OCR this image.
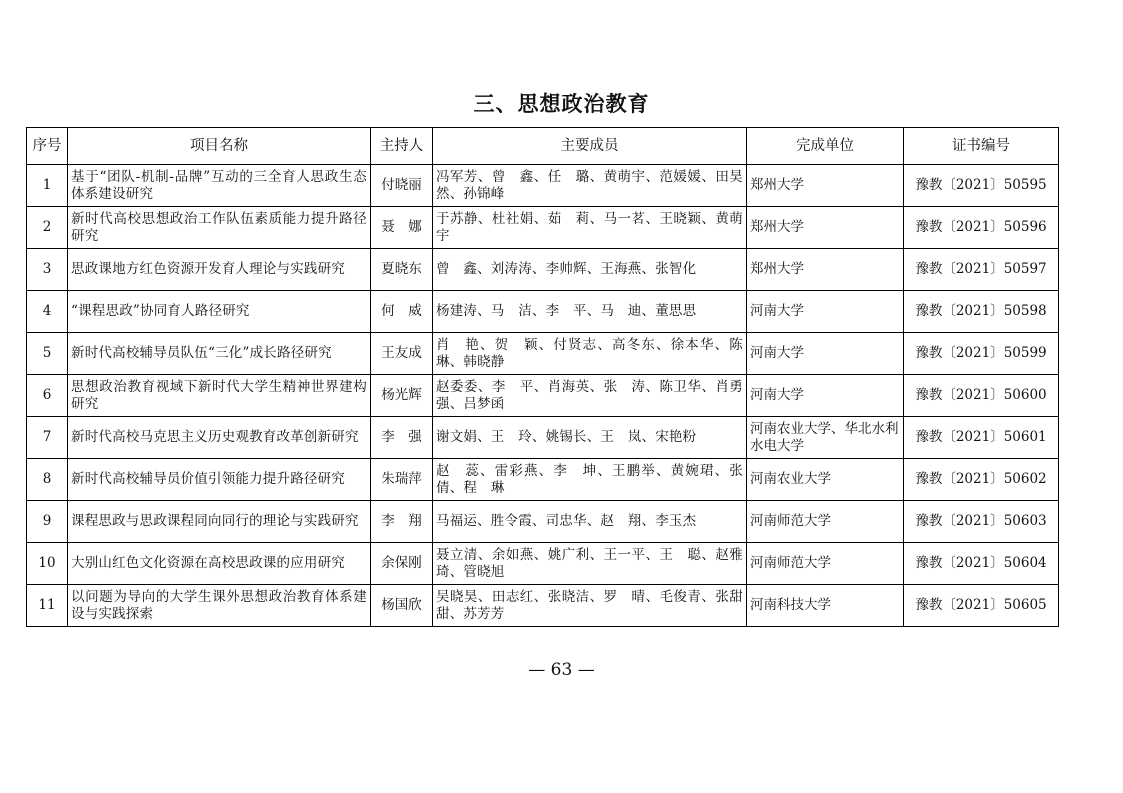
三、思想政治教育
序号	项目名称	主持人	主要成员	完成单位	证书编号
1	基于“团队-机制-品牌”互动的三全育人思政生态体系建设研究	付晓丽	冯军芳、曾　鑫、任　璐、黄萌宇、范媛媛、田昊然、孙锦峰	郑州大学	豫教〔2021〕50595
2	新时代高校思想政治工作队伍素质能力提升路径研究	聂　娜	于苏静、杜社娟、茹　莉、马一茗、王晓颖、黄萌宇	郑州大学	豫教〔2021〕50596
3	思政课地方红色资源开发育人理论与实践研究	夏晓东	曾　鑫、刘涛涛、李帅辉、王海燕、张智化	郑州大学	豫教〔2021〕50597
4	“课程思政”协同育人路径研究	何　威	杨建涛、马　洁、李　平、马　迪、董思思	河南大学	豫教〔2021〕50598
5	新时代高校辅导员队伍“三化”成长路径研究	王友成	肖　艳、贺　颖、付贤志、高冬东、徐本华、陈　琳、韩晓静	河南大学	豫教〔2021〕50599
6	思想政治教育视域下新时代大学生精神世界建构研究	杨光辉	赵委委、李　平、肖海英、张　涛、陈卫华、肖勇强、吕梦函	河南大学	豫教〔2021〕50600
7	新时代高校马克思主义历史观教育改革创新研究	李　强	谢文娟、王　玲、姚锡长、王　岚、宋艳粉	河南农业大学、华北水利水电大学	豫教〔2021〕50601
8	新时代高校辅导员价值引领能力提升路径研究	朱瑞萍	赵　蕊、雷彩燕、李　坤、王鹏举、黄婉珺、张　倩、程　琳	河南农业大学	豫教〔2021〕50602
9	课程思政与思政课程同向同行的理论与实践研究	李　翔	马福运、胜令霞、司忠华、赵　翔、李玉杰	河南师范大学	豫教〔2021〕50603
10	大别山红色文化资源在高校思政课的应用研究	余保刚	聂立清、余如燕、姚广利、王一平、王　聪、赵雅琦、管晓旭	河南师范大学	豫教〔2021〕50604
11	以问题为导向的大学生课外思想政治教育体系建设与实践探索	杨国欣	吴晓昊、田志红、张晓洁、罗　晴、毛俊青、张甜甜、苏芳芳	河南科技大学	豫教〔2021〕50605
— 63 —
